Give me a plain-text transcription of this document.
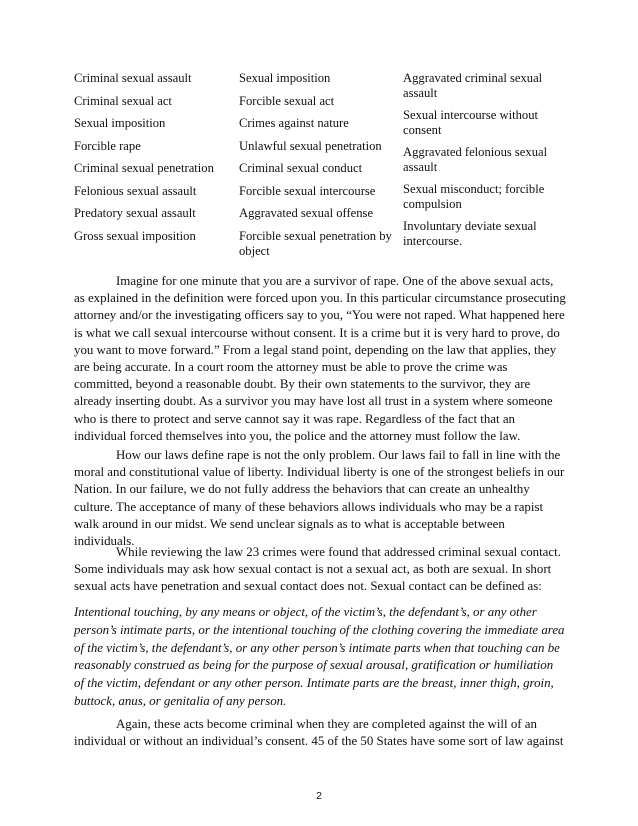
Criminal sexual assault

Criminal sexual act

Sexual imposition

Forcible rape

Criminal sexual penetration

Felonious sexual assault

Predatory sexual assault

Gross sexual imposition

Sexual imposition

Forcible sexual act

Crimes against nature

Unlawful sexual penetration

Criminal sexual conduct

Forcible sexual intercourse

Aggravated sexual offense

Forcible sexual penetration by object

Aggravated criminal sexual assault

Sexual intercourse without consent

Aggravated felonious sexual assault

Sexual misconduct; forcible compulsion

Involuntary deviate sexual intercourse.

Imagine for one minute that you are a survivor of rape. One of the above sexual acts, as explained in the definition were forced upon you. In this particular circumstance prosecuting attorney and/or the investigating officers say to you, “You were not raped. What happened here is what we call sexual intercourse without consent. It is a crime but it is very hard to prove, do you want to move forward.” From a legal stand point, depending on the law that applies, they are being accurate. In a court room the attorney must be able to prove the crime was committed, beyond a reasonable doubt. By their own statements to the survivor, they are already inserting doubt. As a survivor you may have lost all trust in a system where someone who is there to protect and serve cannot say it was rape. Regardless of the fact that an individual forced themselves into you, the police and the attorney must follow the law.

How our laws define rape is not the only problem. Our laws fail to fall in line with the moral and constitutional value of liberty. Individual liberty is one of the strongest beliefs in our Nation. In our failure, we do not fully address the behaviors that can create an unhealthy culture. The acceptance of many of these behaviors allows individuals who may be a rapist walk around in our midst. We send unclear signals as to what is acceptable between individuals.

While reviewing the law 23 crimes were found that addressed criminal sexual contact. Some individuals may ask how sexual contact is not a sexual act, as both are sexual. In short sexual acts have penetration and sexual contact does not. Sexual contact can be defined as:

Intentional touching, by any means or object, of the victim’s, the defendant’s, or any other person’s intimate parts, or the intentional touching of the clothing covering the immediate area of the victim’s, the defendant’s, or any other person’s intimate parts when that touching can be reasonably construed as being for the purpose of sexual arousal, gratification or humiliation of the victim, defendant or any other person. Intimate parts are the breast, inner thigh, groin, buttock, anus, or genitalia of any person.

Again, these acts become criminal when they are completed against the will of an individual or without an individual’s consent. 45 of the 50 States have some sort of law against

2
